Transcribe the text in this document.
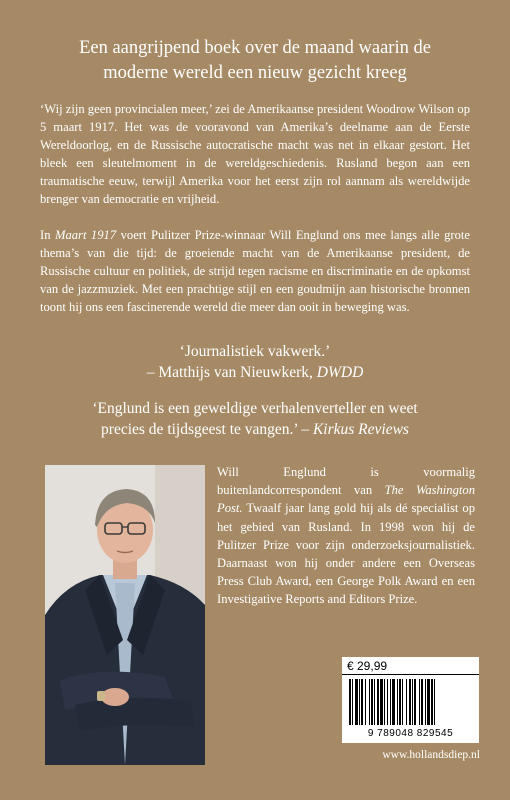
Een aangrijpend boek over de maand waarin de
moderne wereld een nieuw gezicht kreeg
‘Wij zijn geen provincialen meer,’ zei de Amerikaanse president Woodrow Wilson op 5 maart 1917. Het was de vooravond van Amerika’s deelname aan de Eerste Wereldoorlog, en de Russische autocratische macht was net in elkaar gestort. Het bleek een sleutelmoment in de wereldgeschiedenis. Rusland begon aan een traumatische eeuw, terwijl Amerika voor het eerst zijn rol aannam als wereldwijde brenger van democratie en vrijheid.
In Maart 1917 voert Pulitzer Prize-winnaar Will Englund ons mee langs alle grote thema’s van die tijd: de groeiende macht van de Amerikaanse president, de Russische cultuur en politiek, de strijd tegen racisme en discriminatie en de opkomst van de jazzmuziek. Met een prachtige stijl en een goudmijn aan historische bronnen toont hij ons een fascinerende wereld die meer dan ooit in beweging was.
‘Journalistiek vakwerk.’
– Matthijs van Nieuwkerk, DWDD
‘Englund is een geweldige verhalenverteller en weet
precies de tijdsgeest te vangen.’ – Kirkus Reviews
Will Englund is voormalig buitenlandcorrespondent van The Washington Post. Twaalf jaar lang gold hij als dé specialist op het gebied van Rusland. In 1998 won hij de Pulitzer Prize voor zijn onderzoeksjournalistiek. Daarnaast won hij onder andere een Overseas Press Club Award, een George Polk Award en een Investigative Reports and Editors Prize.
€ 29,99
9 789048 829545
www.hollandsdiep.nl
